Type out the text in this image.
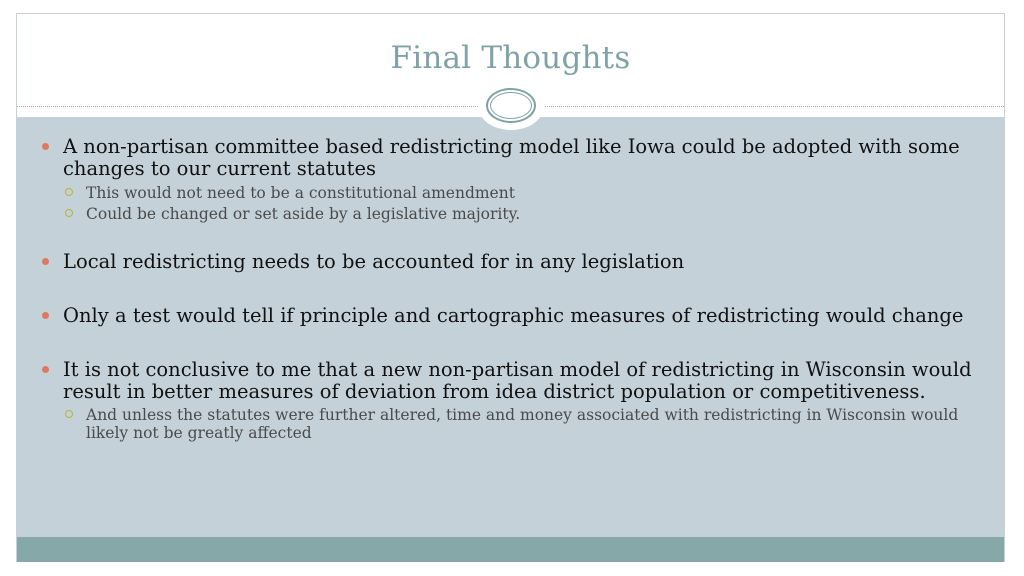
Final Thoughts
A non-partisan committee based redistricting model like Iowa could be adopted with some changes to our current statutes
This would not need to be a constitutional amendment
Could be changed or set aside by a legislative majority.
Local redistricting needs to be accounted for in any legislation
Only a test would tell if principle and cartographic measures of redistricting would change
It is not conclusive to me that a new non-partisan model of redistricting in Wisconsin would result in better measures of deviation from idea district population or competitiveness.
And unless the statutes were further altered, time and money associated with redistricting in Wisconsin would likely not be greatly affected
